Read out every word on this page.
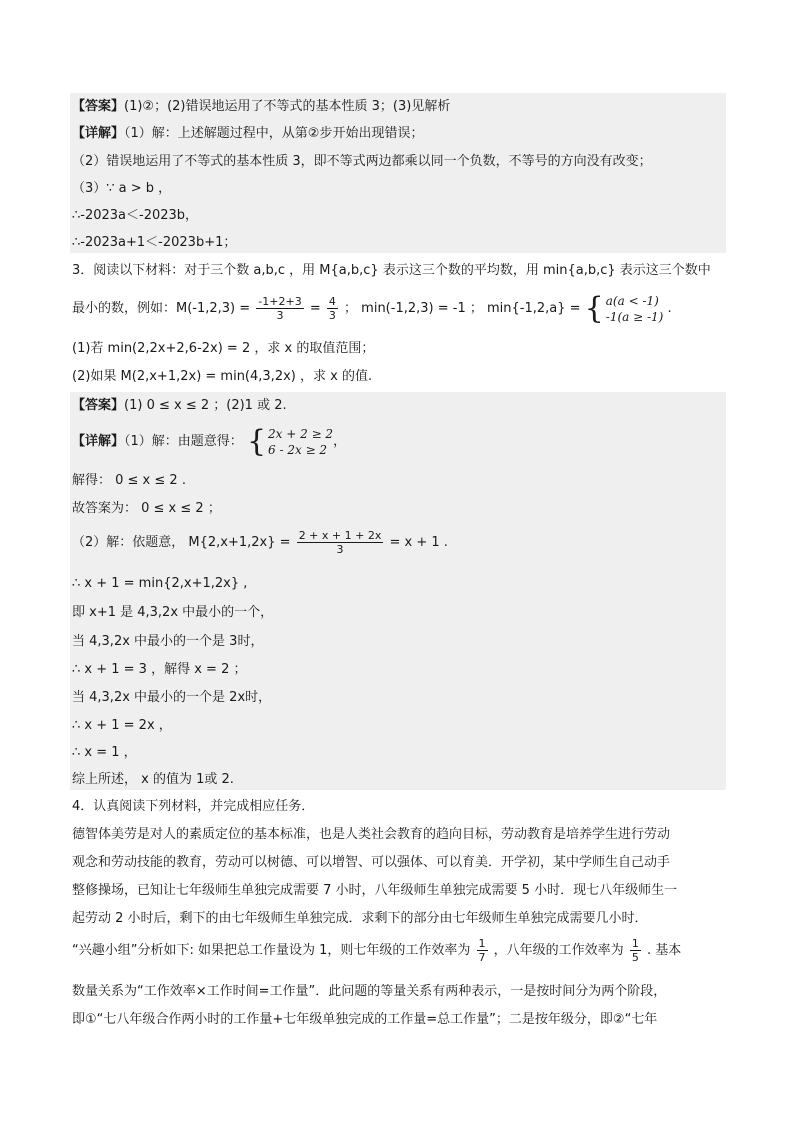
【答案】(1)②；(2)错误地运用了不等式的基本性质 3；(3)见解析
【详解】（1）解：上述解题过程中，从第②步开始出现错误；
（2）错误地运用了不等式的基本性质 3，即不等式两边都乘以同一个负数，不等号的方向没有改变；
（3）∵ a > b ，
∴-2023a＜-2023b，
∴-2023a+1＜-2023b+1；
3．阅读以下材料：对于三个数 a,b,c ，用 M{a,b,c} 表示这三个数的平均数，用 min{a,b,c} 表示这三个数中
最小的数，例如：$M(-1,2,3) = \frac{-1+2+3}{3} = \frac{4}{3}$ ； min(-1,2,3) = -1 ； min{-1,2,a} = { a(a < -1)
-1(a ≥ -1)
.
(1)若 min(2,2x+2,6-2x) = 2 ，求 x 的取值范围；
(2)如果 M(2,x+1,2x) = min(4,3,2x) ，求 x 的值.
【答案】(1) 0 ≤ x ≤ 2 ；(2)1 或 2.
【详解】（1）解：由题意得： { 2x + 2 ≥ 2
6 - 2x ≥ 2
，
解得： 0 ≤ x ≤ 2 .
故答案为： 0 ≤ x ≤ 2 ；
（2）解：依题意， $M\{2,x+1,2x\} = \frac{2 + x + 1 + 2x}{3} = x + 1$ .
∴ x + 1 = min{2,x+1,2x} ,
即 x+1 是 4,3,2x 中最小的一个，
当 4,3,2x 中最小的一个是 3时，
∴ x + 1 = 3 ，解得 x = 2 ；
当 4,3,2x 中最小的一个是 2x时，
∴ x + 1 = 2x ，
∴ x = 1 ，
综上所述， x 的值为 1或 2.
4．认真阅读下列材料，并完成相应任务．
德智体美劳是对人的素质定位的基本标准，也是人类社会教育的趋向目标，劳动教育是培养学生进行劳动
观念和劳动技能的教育，劳动可以树德、可以增智、可以强体、可以育美．开学初，某中学师生自己动手
整修操场，已知让七年级师生单独完成需要 7 小时，八年级师生单独完成需要 5 小时．现七八年级师生一
起劳动 2 小时后，剩下的由七年级师生单独完成．求剩下的部分由七年级师生单独完成需要几小时．
“兴趣小组”分析如下: 如果把总工作量设为 1，则七年级的工作效率为 $\frac{1}{7}$ ，八年级的工作效率为 $\frac{1}{5}$ . 基本
数量关系为“工作效率×工作时间=工作量”．此问题的等量关系有两种表示，一是按时间分为两个阶段，
即①“七八年级合作两小时的工作量+七年级单独完成的工作量=总工作量”；二是按年级分，即②“七年
